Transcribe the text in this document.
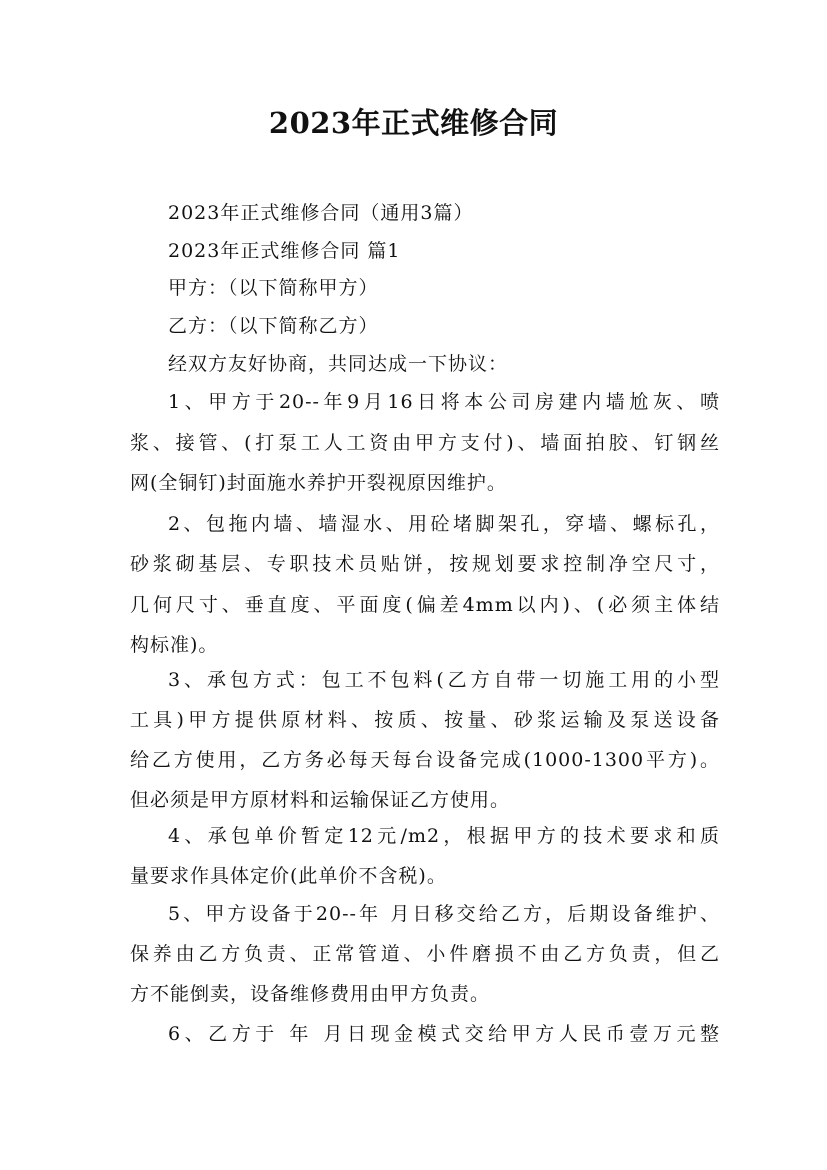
2023年正式维修合同
2023年正式维修合同（通用3篇）
2023年正式维修合同 篇1
甲方：（以下简称甲方）
乙方：（以下简称乙方）
经双方友好协商，共同达成一下协议：
1、甲方于20--年9月16日将本公司房建内墙尬灰、喷
浆、接管、(打泵工人工资由甲方支付)、墙面拍胶、钉钢丝
网(全铜钉)封面施水养护开裂视原因维护。
2、包拖内墙、墙湿水、用砼堵脚架孔，穿墙、螺标孔，
砂浆砌基层、专职技术员贴饼，按规划要求控制净空尺寸，
几何尺寸、垂直度、平面度(偏差4mm以内)、(必须主体结
构标准)。
3、承包方式：包工不包料(乙方自带一切施工用的小型
工具)甲方提供原材料、按质、按量、砂浆运输及泵送设备
给乙方使用，乙方务必每天每台设备完成(1000-1300平方)。
但必须是甲方原材料和运输保证乙方使用。
4、承包单价暂定12元/m2，根据甲方的技术要求和质
量要求作具体定价(此单价不含税)。
5、甲方设备于20--年 月日移交给乙方，后期设备维护、
保养由乙方负责、正常管道、小件磨损不由乙方负责，但乙
方不能倒卖，设备维修费用由甲方负责。
6、乙方于 年 月日现金模式交给甲方人民币壹万元整
